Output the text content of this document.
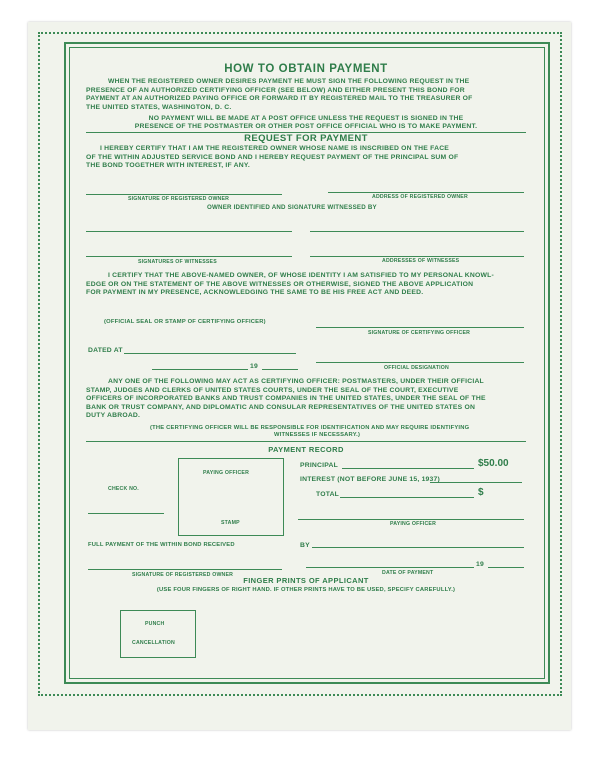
HOW TO OBTAIN PAYMENT
WHEN THE REGISTERED OWNER DESIRES PAYMENT HE MUST SIGN THE FOLLOWING REQUEST IN THE
PRESENCE OF AN AUTHORIZED CERTIFYING OFFICER (SEE BELOW) AND EITHER PRESENT THIS BOND FOR
PAYMENT AT AN AUTHORIZED PAYING OFFICE OR FORWARD IT BY REGISTERED MAIL TO THE TREASURER OF
THE UNITED STATES, WASHINGTON, D. C.
NO PAYMENT WILL BE MADE AT A POST OFFICE UNLESS THE REQUEST IS SIGNED IN THE
PRESENCE OF THE POSTMASTER OR OTHER POST OFFICE OFFICIAL WHO IS TO MAKE PAYMENT.
REQUEST FOR PAYMENT
I HEREBY CERTIFY THAT I AM THE REGISTERED OWNER WHOSE NAME IS INSCRIBED ON THE FACE
OF THE WITHIN ADJUSTED SERVICE BOND AND I HEREBY REQUEST PAYMENT OF THE PRINCIPAL SUM OF
THE BOND TOGETHER WITH INTEREST, IF ANY.
SIGNATURE OF REGISTERED OWNER	ADDRESS OF REGISTERED OWNER
OWNER IDENTIFIED AND SIGNATURE WITNESSED BY
SIGNATURES OF WITNESSES	ADDRESSES OF WITNESSES
I CERTIFY THAT THE ABOVE-NAMED OWNER, OF WHOSE IDENTITY I AM SATISFIED TO MY PERSONAL KNOWL-
EDGE OR ON THE STATEMENT OF THE ABOVE WITNESSES OR OTHERWISE, SIGNED THE ABOVE APPLICATION
FOR PAYMENT IN MY PRESENCE, ACKNOWLEDGING THE SAME TO BE HIS FREE ACT AND DEED.
(OFFICIAL SEAL OR STAMP OF CERTIFYING OFFICER)
SIGNATURE OF CERTIFYING OFFICER
DATED AT
19	OFFICIAL DESIGNATION
ANY ONE OF THE FOLLOWING MAY ACT AS CERTIFYING OFFICER: POSTMASTERS, UNDER THEIR OFFICIAL
STAMP, JUDGES AND CLERKS OF UNITED STATES COURTS, UNDER THE SEAL OF THE COURT, EXECUTIVE
OFFICERS OF INCORPORATED BANKS AND TRUST COMPANIES IN THE UNITED STATES, UNDER THE SEAL OF THE
BANK OR TRUST COMPANY, AND DIPLOMATIC AND CONSULAR REPRESENTATIVES OF THE UNITED STATES ON
DUTY ABROAD.
(THE CERTIFYING OFFICER WILL BE RESPONSIBLE FOR IDENTIFICATION AND MAY REQUIRE IDENTIFYING
WITNESSES IF NECESSARY.)
PAYMENT RECORD
PAYING OFFICER
STAMP
CHECK NO.
PRINCIPAL	$50.00
INTEREST (NOT BEFORE JUNE 15, 1937)
TOTAL	$
PAYING OFFICER
FULL PAYMENT OF THE WITHIN BOND RECEIVED	BY
SIGNATURE OF REGISTERED OWNER
19
DATE OF PAYMENT
FINGER PRINTS OF APPLICANT
(USE FOUR FINGERS OF RIGHT HAND. IF OTHER PRINTS HAVE TO BE USED, SPECIFY CAREFULLY.)
PUNCH
CANCELLATION
